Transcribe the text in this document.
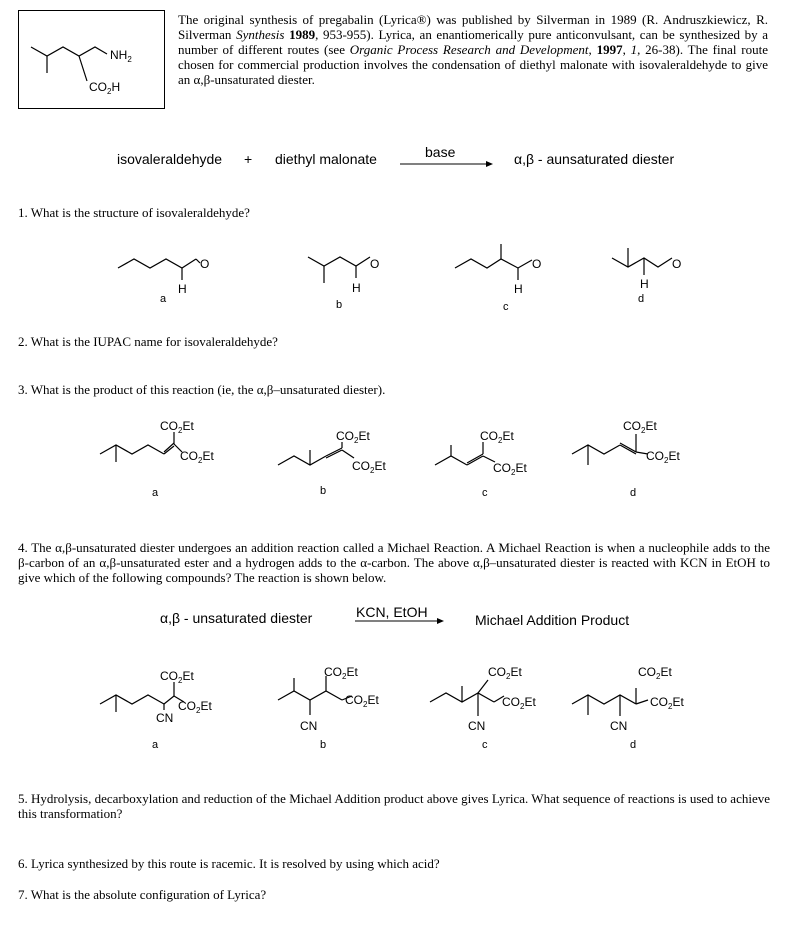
$NH_2$
$CO_2H$
The original synthesis of pregabalin (Lyrica®) was published by Silverman in 1989 (R. Andruszkiewicz, R. Silverman Synthesis 1989, 953-955). Lyrica, an enantiomerically pure anticonvulsant, can be synthesized by a number of different routes (see Organic Process Research and Development, 1997, 1, 26-38). The final route chosen for commercial production involves the condensation of diethyl malonate with isovaleraldehyde to give an α,β-unsaturated diester.
isovaleraldehyde + diethyl malonate	base	α,β - aunsaturated diester
1. What is the structure of isovaleraldehyde?
O
H
O
H
O
H
O
H
a	b	c
d
2. What is the IUPAC name for isovaleraldehyde?
3. What is the product of this reaction (ie, the α,β–unsaturated diester).
$CO_2Et$
$CO_2Et$
$CO_2Et$
$CO_2Et$
$CO_2Et$
$CO_2Et$
$CO_2Et$
$CO_2Et$
a	b	c	d
4. The α,β-unsaturated diester undergoes an addition reaction called a Michael Reaction. A Michael Reaction is when a nucleophile adds to the β-carbon of an α,β-unsaturated ester and a hydrogen adds to the α-carbon. The above α,β–unsaturated diester is reacted with KCN in EtOH to give which of the following compounds? The reaction is shown below.
α,β - unsaturated diester	KCN, EtOH	Michael Addition Product
$CO_2Et$
$CO_2Et$
CN
$CO_2Et$
$CO_2Et$
CN
$CO_2Et$
$CO_2Et$
CN
$CO_2Et$
$CO_2Et$
CN
a	b	c	d
5. Hydrolysis, decarboxylation and reduction of the Michael Addition product above gives Lyrica. What sequence of reactions is used to achieve this transformation?
6. Lyrica synthesized by this route is racemic. It is resolved by using which acid?
7. What is the absolute configuration of Lyrica?
